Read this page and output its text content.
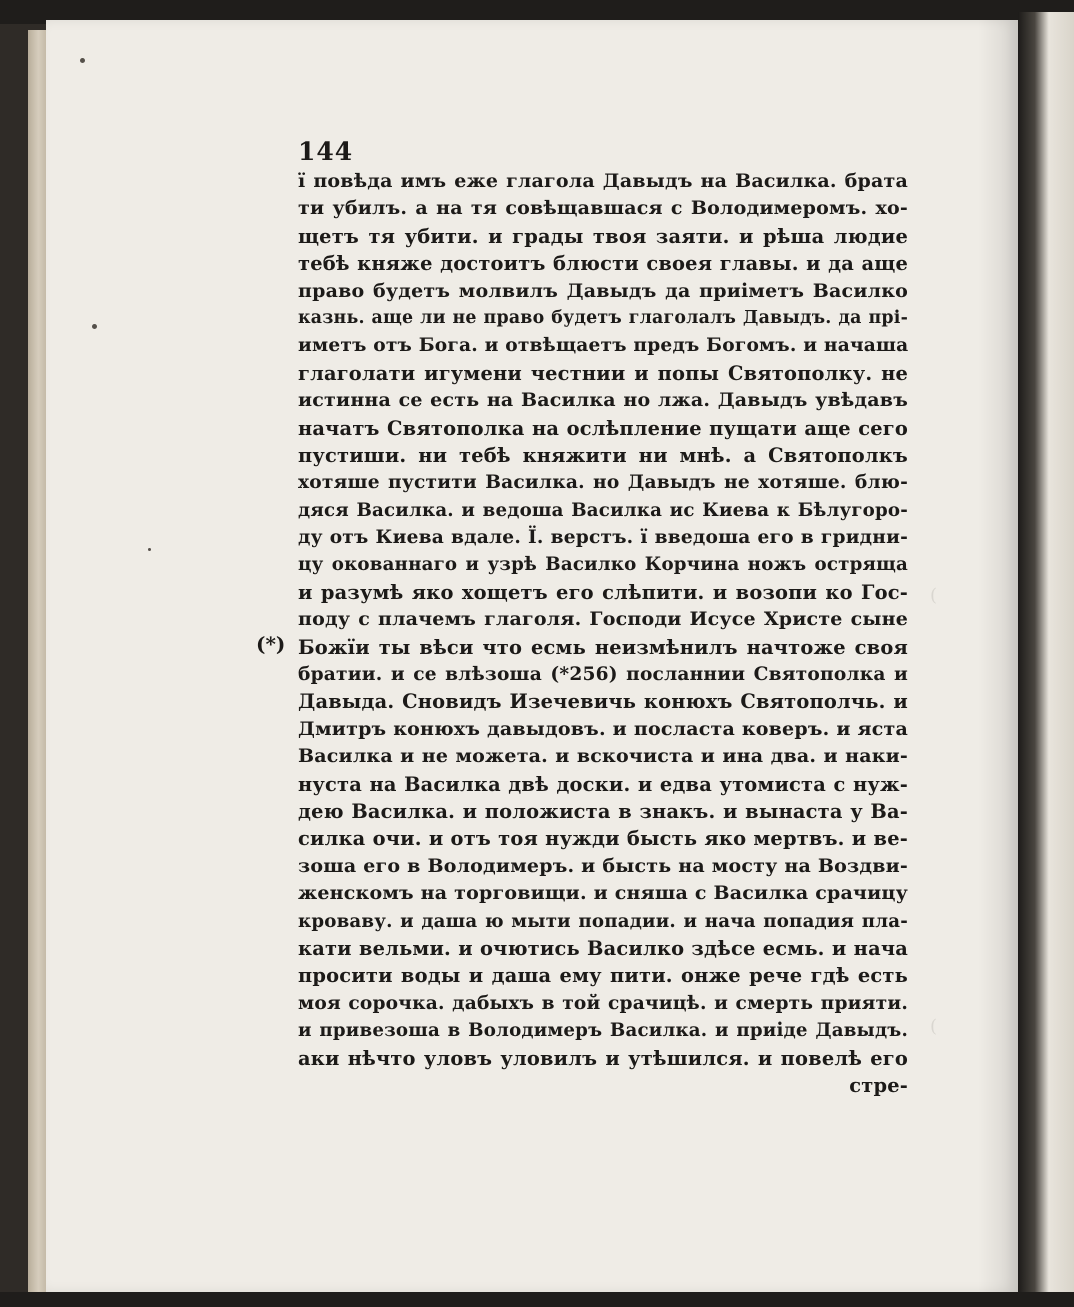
(
(
(*)
144
ї повѣда имъ еже глагола Давыдъ на Василка. брата
ти убилъ. а на тя совѣщавшася с Володимеромъ. хо-
щетъ тя убити. и грады твоя заяти. и рѣша людие
тебѣ княже достоитъ блюсти своея главы. и да аще
право будетъ молвилъ Давыдъ да приіметъ Василко
казнь. аще ли не право будетъ глаголалъ Давыдъ. да прі-
иметъ отъ Бога. и отвѣщаетъ предъ Богомъ. и начаша
глаголати игумени честнии и попы Святополку. не
истинна се есть на Василка но лжа. Давыдъ увѣдавъ
начатъ Святополка на ослѣпление пущати аще сего
пустиши. ни тебѣ княжити ни мнѣ. а Святополкъ
хотяше пустити Василка. но Давыдъ не хотяше. блю-
дяся Василка. и ведоша Василка ис Киева к Бѣлугоро-
ду отъ Киева вдале. Ї. верстъ. ї введоша его в гридни-
цу окованнаго и узрѣ Василко Корчина ножъ остряща
и разумѣ яко хощетъ его слѣпити. и возопи ко Гос-
поду с плачемъ глаголя. Господи Исусе Христе сыне
Божїи ты вѣси что есмь неизмѣнилъ начтоже своя
братии. и се влѣзоша (*256) посланнии Святополка и
Давыда. Сновидъ Изечевичь конюхъ Святополчь. и
Дмитръ конюхъ давыдовъ. и посласта коверъ. и яста
Василка и не можета. и вскочиста и ина два. и наки-
нуста на Василка двѣ доски. и едва утомиста с нуж-
дею Василка. и положиста в знакъ. и вынаста у Ва-
силка очи. и отъ тоя нужди бысть яко мертвъ. и ве-
зоша его в Володимеръ. и бысть на мосту на Воздви-
женскомъ на торговищи. и сняша с Василка срачицу
кроваву. и даша ю мыти попадии. и нача попадия пла-
кати вельми. и очютись Василко здѣсе есмь. и нача
просити воды и даша ему пити. онже рече гдѣ есть
моя сорочка. дабыхъ в той срачицѣ. и смерть прияти.
и привезоша в Володимеръ Василка. и приіде Давыдъ.
аки нѣчто уловъ уловилъ и утѣшился. и повелѣ его
стре-
